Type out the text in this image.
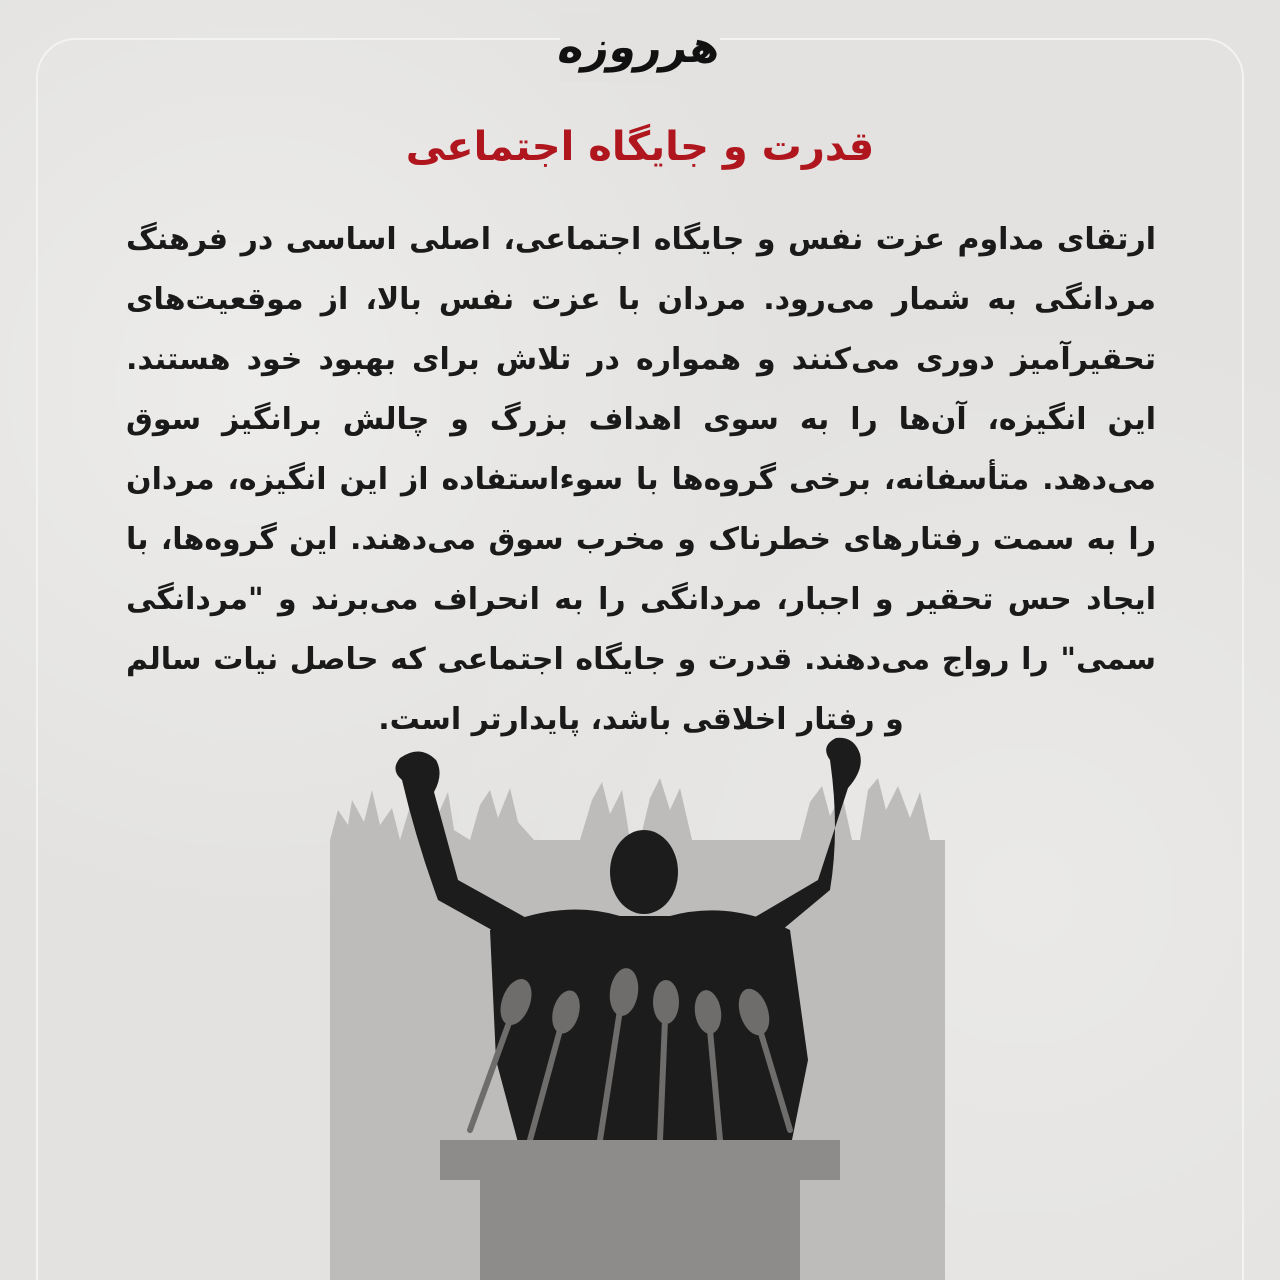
هرروزه
قدرت و جایگاه اجتماعی
ارتقای مداوم عزت نفس و جایگاه اجتماعی، اصلی اساسی در فرهنگ مردانگی به شمار می‌رود. مردان با عزت نفس بالا، از موقعیت‌های تحقیرآمیز دوری می‌کنند و همواره در تلاش برای بهبود خود هستند. این انگیزه، آن‌ها را به سوی اهداف بزرگ و چالش برانگیز سوق می‌دهد. متأسفانه، برخی گروه‌ها با سوءاستفاده از این انگیزه، مردان را به سمت رفتارهای خطرناک و مخرب سوق می‌دهند. این گروه‌ها، با ایجاد حس تحقیر و اجبار، مردانگی را به انحراف می‌برند و "مردانگی سمی" را رواج می‌دهند. قدرت و جایگاه اجتماعی که حاصل نیات سالم و رفتار اخلاقی باشد، پایدارتر است.
